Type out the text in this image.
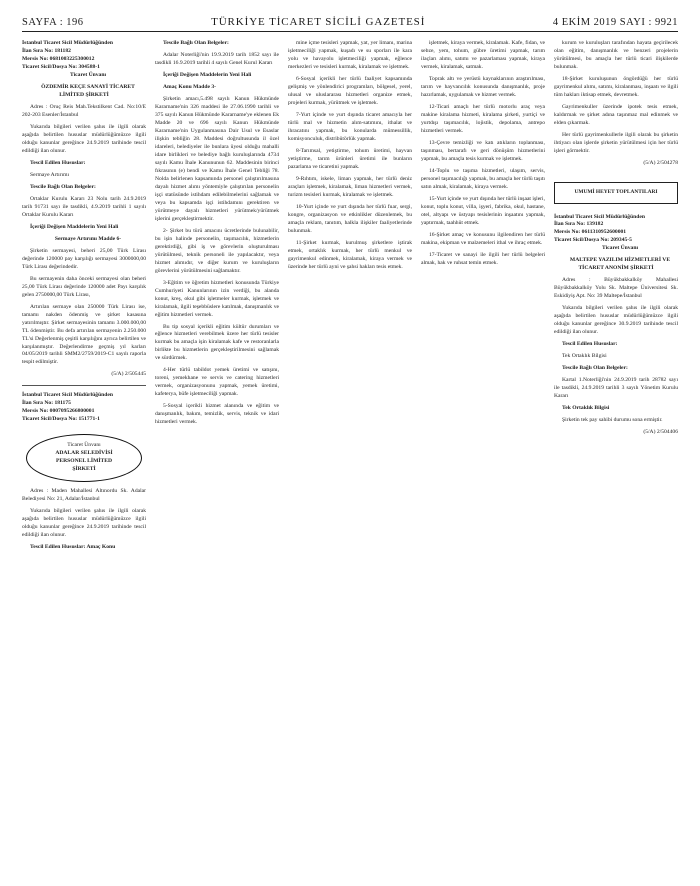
SAYFA : 196	TÜRKİYE TİCARET SİCİLİ GAZETESİ	4 EKİM 2019 SAYI : 9921
İstanbul Ticaret Sicil Müdürlüğünden
İlan Sıra No: 181182
Mersis No: 0681003225300012
Ticaret Sicil/Dosya No: 304588-1

Ticaret Ünvanı

ÖZDEMİR KEÇE SANAYİ TİCARET LİMİTED ŞİRKETİ

Adres : Oruç Reis Mah.Tekstilkent Cad. No:10/E 202-203 Esenler/İstanbul

Yukarıda bilgileri verilen şahıs ile ilgili olarak aşağıda belirtilen hususlar müdürlüğümüzce ilgili olduğu kanunlar gereğince 24.9.2019 tarihinde tescil edildiği ilan olunur.

Tescil Edilen Hususlar:

Sermaye Artırımı

Tescile Bağlı Olan Belgeler:

Ortaklar Kurulu Kararı 23 Nolu tarih 24.9.2019 tarih 91731 sayı ile tasdikli, 4.9.2019 tarihli 1 sayılı Ortaklar Kurulu Kararı

İçeriği Değişen Maddelerin Yeni Hali

Sermaye Artırımı Madde 6-

Şirketin sermayesi, beheri 25,00 Türk Lirası değerinde 120000 pay karşılığı sermayesi 3000000,00 Türk Lirası değerindedir.

Bu sermayenin daha önceki sermayesi olan beheri 25,00 Türk Lirası değerinde 120000 adet Payı karşılık gelen 2750000,00 Türk Lirası,

Artırılan sermaye olan 250000 Türk Lirası ise, tamamı nakden ödenmiş ve şirket kasasına yatırılmıştır. Şirket sermayesinin tamamı 3.000.000,00 TL ödenmiştir. Bu defa artırılan sermayenin 2.250.000 TL'si Değerlenmiş çeşitli karşılığını ayrıca belirtilen ve karşılanmıştır. Değerlendirme geçmiş yıl karları 04/05/2019 tarihli SMM2/2759/2019-C1 sayılı raporla tespit edilmiştir.

(5/A) 2/505445

İstanbul Ticaret Sicil Müdürlüğünden
İlan Sıra No: 181175
Mersis No: 0007095266800001
Ticaret Sicil/Dosya No: 151771-1
Ticaret Ünvanı
ADALAR SELEDİVİSİ
PERSONEL LİMİTED
ŞİRKETİ

Adres : Maden Mahallesi Altınordu Sk. Adalar Belediyesi No: 21, Adalar/İstanbul

Yukarıda bilgileri verilen şahıs ile ilgili olarak aşağıda belirtilen hususlar müdürlüğümüzce ilgili olduğu kanunlar gereğince 24.9.2019 tarihinde tescil edildiği ilan olunur.

Tescil Edilen Hususlar: Amaç Konu

Tescile Bağlı Olan Belgeler:

Adalar Noterliği'nin 19.9.2019 tarih 1852 sayı ile tasdikli 16.9.2019 tarihli 4 sayılı Genel Kurul Kararı

İçeriği Değişen Maddelerin Yeni Hali

Amaç Konu Madde 3-

Şirketin amacı,5.498 sayılı Kanun Hükmünde Kararname'nin 326 maddesi ile 27.06.1990 tarihli ve 375 sayılı Kanun Hükmünde Kararname'ye eklenen Ek Madde 20 ve 696 sayılı Kanun Hükmünde Kararname'nin Uygulanmasına Dair Usul ve Esaslar ilişkin tebliğin 28. Maddesi doğrultusunda il özel idareleri, belediyeler ile bunlara üyesi olduğu mahalli idare birlikleri ve belediye bağlı kuruluşlarında 4734 sayılı Kamu İhale Kanununun 62. Maddesinin birinci fıkrasının (e) bendi ve Kamu İhale Genel Tebliği 78. Nolda belirlenen kapsamında personel çalıştırılmasına dayalı hizmet alımı yöntemiyle çalıştırılan personelin işçi statüsünde istihdam edilebilmelerini sağlamak ve veya bu kapsamda işçi istihdamını gerektiren ve yürütmeye dayalı hizmetleri yürütmek/yürütmek işlerini gerçekleştirmektir.

2- Şirket bu türü amacını ücretlerinde bulunabilir, bu işin halinde personelin, taşımacılık, hizmetlerin gerektirdiği, gibi iş ve görevlerin oluşturulması yürütülmesi, teknik personeli ile yapılacaktır, veya hizmet alımıdır, ve diğer kurum ve kuruluşların görevlerini yürütülmesini sağlamaktır.

3-Eğitim ve öğretim hizmetleri konusunda Türkiye Cumhuriyeti Kanunlarının izin verdiği, bu alanda konut, kreş, okul gibi işletmeler kurmak, işletmek ve kiralamak, ilgili teşebbüslere katılmak, danışmanlık ve eğitim hizmetleri vermek.

Bu tip sosyal içerikli eğitim kültür durumları ve eğlence hizmetleri verebilmek üzere her türlü tesisler kurmak bu amaçla işin kiralamak kafe ve restoranlarla birlikte bu hizmetlerin gerçekleştirilmesini sağlamak ve sürdürmek.

4-Her türlü tabildot yemek üretimi ve satışını, toreni, yemekhane ve servis ve catering hizmetleri vermek, organizasyonunu yapmak, yemek üretimi, kafeterya, büfe işletmeciliği yapmak.

5-Sosyal içerikli hizmet alanında ve eğitim ve danışmanlık, bakım, temizlik, servis, teknik ve idari hizmetleri vermek.

mine içme tesisleri yapmak, yat, yer limanı, marina işletmeciliği yapmak, kuşadı ve su sporları ile kara yolu ve havayolu işletmeciliği yapmak, eğlence merkezleri ve tesisleri kurmak, kiralamak ve işletmek.

6-Sosyal içerikli her türlü faaliyet kapsamında gelişmiş ve yönlendirici programları, bölgesel, yerel, ulusal ve uluslararası hizmetleri organize etmek, projeleri kurmak, yürütmek ve işletmek.

7-Yurt içinde ve yurt dışında ticaret amacıyla her türlü mal ve hizmetin alım-satımını, ithalat ve ihracatını yapmak, bu konularda mümessillik, komisyonculuk, distribütörlük yapmak.

8-Tarımsal, yetiştirme, tohum üretimi, hayvan yetiştirme, tarım ürünleri üretimi ile bunların pazarlama ve ticaretini yapmak.

9-Rıhtım, iskele, liman yapmak, her türlü deniz araçları işletmek, kiralamak, liman hizmetleri vermek, turizm tesisleri kurmak, kiralamak ve işletmek.

10-Yurt içinde ve yurt dışında her türlü fuar, sergi, kongre, organizasyon ve etkinlikler düzenlemek, bu amaçla reklam, tanıtım, halkla ilişkiler faaliyetlerinde bulunmak.

11-Şirket kurmak, kurulmuş şirketlere iştirak etmek, ortaklık kurmak, her türlü menkul ve gayrimenkul edinmek, kiralamak, kiraya vermek ve üzerinde her türlü ayni ve şahsi hakları tesis etmek.

işletmek, kiraya vermek, kiralamak. Kafe, fidan, ve sebze, yem, tohum, gübre üretimi yapmak, tarım ilaçları alımı, satımı ve pazarlaması yapmak, kiraya vermek, kiralamak, satmak.

Toprak altı ve yerüstü kaynaklarının araştırılması, tarım ve hayvancılık konusunda danışmanlık, proje hazırlamak, uygulamak ve hizmet vermek.

12-Ticari amaçlı her türlü motorlu araç veya makine kiralama hizmeti, kiralama şirketi, yurtiçi ve yurtdışı taşımacılık, lojistik, depolama, antrepo hizmetleri vermek.

13-Çevre temizliği ve katı atıkların toplanması, taşınması, bertarafı ve geri dönüşüm hizmetlerini yapmak, bu amaçla tesis kurmak ve işletmek.

14-Toplu ve taşıma hizmetleri, ulaşım, servis, personel taşımacılığı yapmak, bu amaçla her türlü taşıtı satın almak, kiralamak, kiraya vermek.

15-Yurt içinde ve yurt dışında her türlü inşaat işleri, konut, toplu konut, villa, işyeri, fabrika, okul, hastane, otel, altyapı ve üstyapı tesislerinin inşaatını yapmak, yaptırmak, taahhüt etmek.

16-Şirket amaç ve konusunu ilgilendiren her türlü makina, ekipman ve malzemeleri ithal ve ihraç etmek.

17-Ticaret ve sanayi ile ilgili her türlü belgeleri almak, hak ve ruhsat temin etmek.

kurum ve kuruluşları tarafından hayata geçirilecek olan eğitim, danışmanlık ve benzeri projelerin yürütülmesi, bu amaçla her türlü ticari ilişkilerde bulunmak.

18-Şirket kuruluşunun öngördüğü her türlü gayrimenkul alımı, satımı, kiralanması, inşaatı ve ilgili tüm hakları iktisap etmek, devretmek.

Gayrimenkuller üzerinde ipotek tesis etmek, kaldırmak ve şirket adına taşınmaz mal edinmek ve elden çıkarmak.

Her türlü gayrimenkullerle ilgili olarak bu şirketin ihtiyacı olan işlerde şirketin yürütülmesi için her türlü işleri görmektir.

(5/A) 2/504278

UMUMİ HEYET TOPLANTILARI
İstanbul Ticaret Sicil Müdürlüğünden
İlan Sıra No: 139182
Mersis No: 0611310952600001
Ticaret Sicil/Dosya No: 209345-5

Ticaret Ünvanı

MALTEPE YAZILIM HİZMETLERİ VE TİCARET ANONİM ŞİRKETİ

Adres : Büyükbakkalköy Mahallesi Büyükbakkalköy Yolu Sk. Maltepe Üniversitesi Sk. Eskidiyiş Apt. No: 39 Maltepe/İstanbul

Yukarıda bilgileri verilen şahıs ile ilgili olarak aşağıda belirtilen hususlar müdürlüğümüzce ilgili olduğu kanunlar gereğince 30.9.2019 tarihinde tescil edildiği ilan olunur.

Tescil Edilen Hususlar:

Tek Ortaklık Bilgisi

Tescile Bağlı Olan Belgeler:

Kartal 1.Noterliği'nin 24.9.2019 tarih 28782 sayı ile tasdikli, 24.9.2019 tarihli 3 sayılı Yönetim Kurulu Kararı

Tek Ortaklık Bilgisi

Şirketin tek pay sahibi durumu sona ermiştir.

(5/A) 2/504406
